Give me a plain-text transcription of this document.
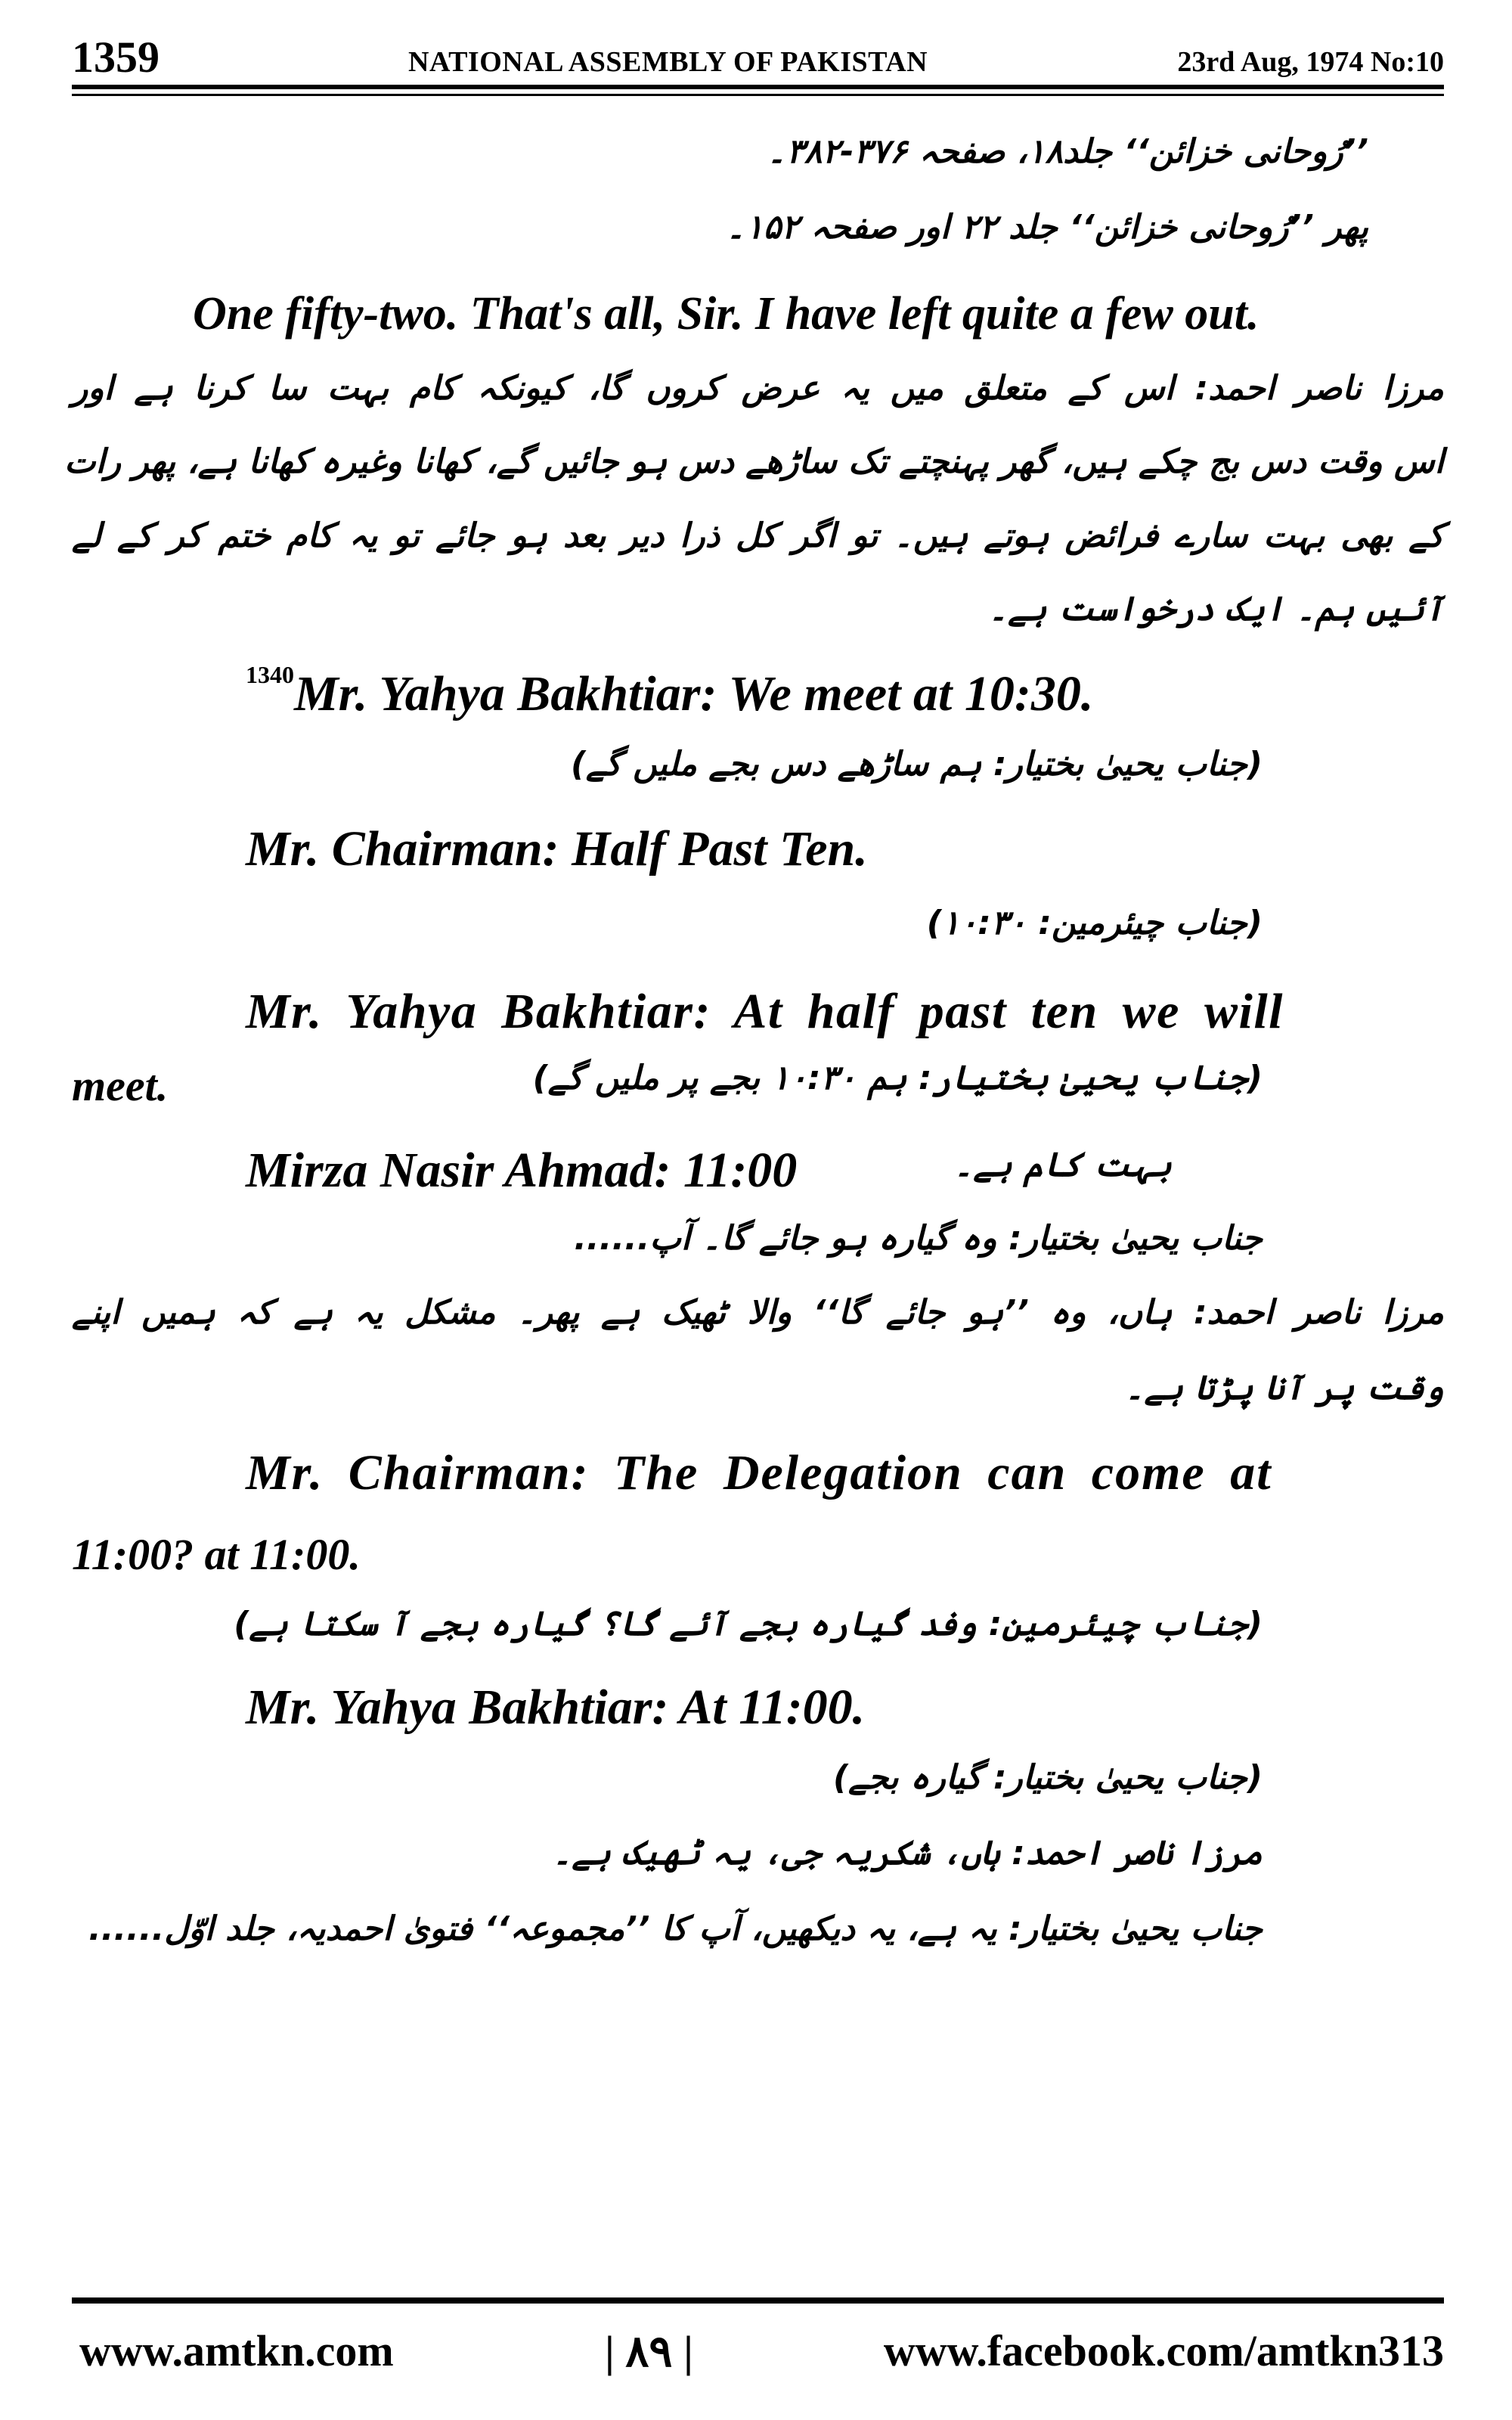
1359	NATIONAL ASSEMBLY OF PAKISTAN	23rd Aug, 1974 No:10
’’رُوحانی خزائن‘‘ جلد۱۸، صفحہ ۳۷۶-۳۸۲۔
پھر ’’رُوحانی خزائن‘‘ جلد ۲۲ اور صفحہ ۱۵۲۔
One fifty-two. That's all, Sir. I have left quite a few out.
مرزا ناصر احمد: اس کے متعلق میں یہ عرض کروں گا، کیونکہ کام بہت سا کرنا ہے اور
اس وقت دس بج چکے ہیں، گھر پہنچتے تک ساڑھے دس ہو جائیں گے، کھانا وغیرہ کھانا ہے، پھر رات
کے بھی بہت سارے فرائض ہوتے ہیں۔ تو اگر کل ذرا دیر بعد ہو جائے تو یہ کام ختم کر کے لے
آئیں ہم۔ ایک درخواست ہے۔
$^{1340}$Mr. Yahya Bakhtiar: We meet at 10:30.
(جناب یحییٰ بختیار: ہم ساڑھے دس بجے ملیں گے)
Mr. Chairman: Half Past Ten.
(جناب چیئرمین: ۱۰:۳۰)
Mr. Yahya Bakhtiar: At half past ten we will
meet.	(جناب یحییٰ بختیار: ہم ۱۰:۳۰ بجے پر ملیں گے)
Mirza Nasir Ahmad: 11:00	بہت کام ہے۔
جناب یحییٰ بختیار: وہ گیارہ ہو جائے گا۔ آپ......
مرزا ناصر احمد: ہاں، وہ ’’ہو جائے گا‘‘ والا ٹھیک ہے پھر۔ مشکل یہ ہے کہ ہمیں اپنے
وقت پر آنا پڑتا ہے۔
Mr. Chairman: The Delegation can come at
11:00? at 11:00.
(جناب چیئرمین: وفد گیارہ بجے آئے گا؟ گیارہ بجے آ سکتا ہے)
Mr. Yahya Bakhtiar: At 11:00.
(جناب یحییٰ بختیار: گیارہ بجے)
مرزا ناصر احمد: ہاں، شکریہ جی، یہ ٹھیک ہے۔
جناب یحییٰ بختیار: یہ ہے، یہ دیکھیں، آپ کا ’’مجموعہ‘‘ فتویٰ احمدیہ، جلد اوّل......
www.amtkn.com	| ۸۹ |	www.facebook.com/amtkn313
